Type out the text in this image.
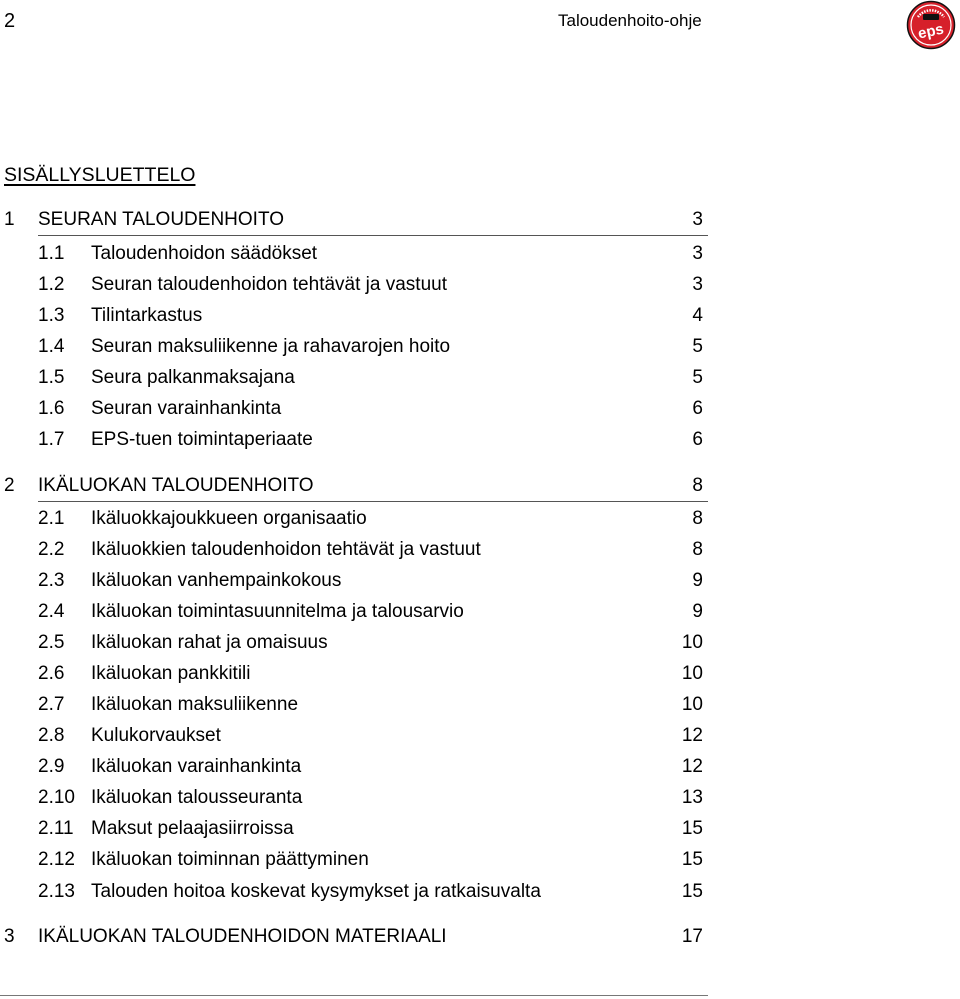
2	Taloudenhoito-ohje
eps
SISÄLLYSLUETTELO
1 SEURAN TALOUDENHOITO	3
1.1 Taloudenhoidon säädökset	3
1.2 Seuran taloudenhoidon tehtävät ja vastuut	3
1.3 Tilintarkastus	4
1.4 Seuran maksuliikenne ja rahavarojen hoito	5
1.5 Seura palkanmaksajana	5
1.6 Seuran varainhankinta	6
1.7 EPS-tuen toimintaperiaate	6
2 IKÄLUOKAN TALOUDENHOITO	8
2.1 Ikäluokkajoukkueen organisaatio	8
2.2 Ikäluokkien taloudenhoidon tehtävät ja vastuut	8
2.3 Ikäluokan vanhempainkokous	9
2.4 Ikäluokan toimintasuunnitelma ja talousarvio	9
2.5 Ikäluokan rahat ja omaisuus	10
2.6 Ikäluokan pankkitili	10
2.7 Ikäluokan maksuliikenne	10
2.8 Kulukorvaukset	12
2.9 Ikäluokan varainhankinta	12
2.10 Ikäluokan talousseuranta	13
2.11 Maksut pelaajasiirroissa	15
2.12 Ikäluokan toiminnan päättyminen	15
2.13 Talouden hoitoa koskevat kysymykset ja ratkaisuvalta	15
3 IKÄLUOKAN TALOUDENHOIDON MATERIAALI	17
